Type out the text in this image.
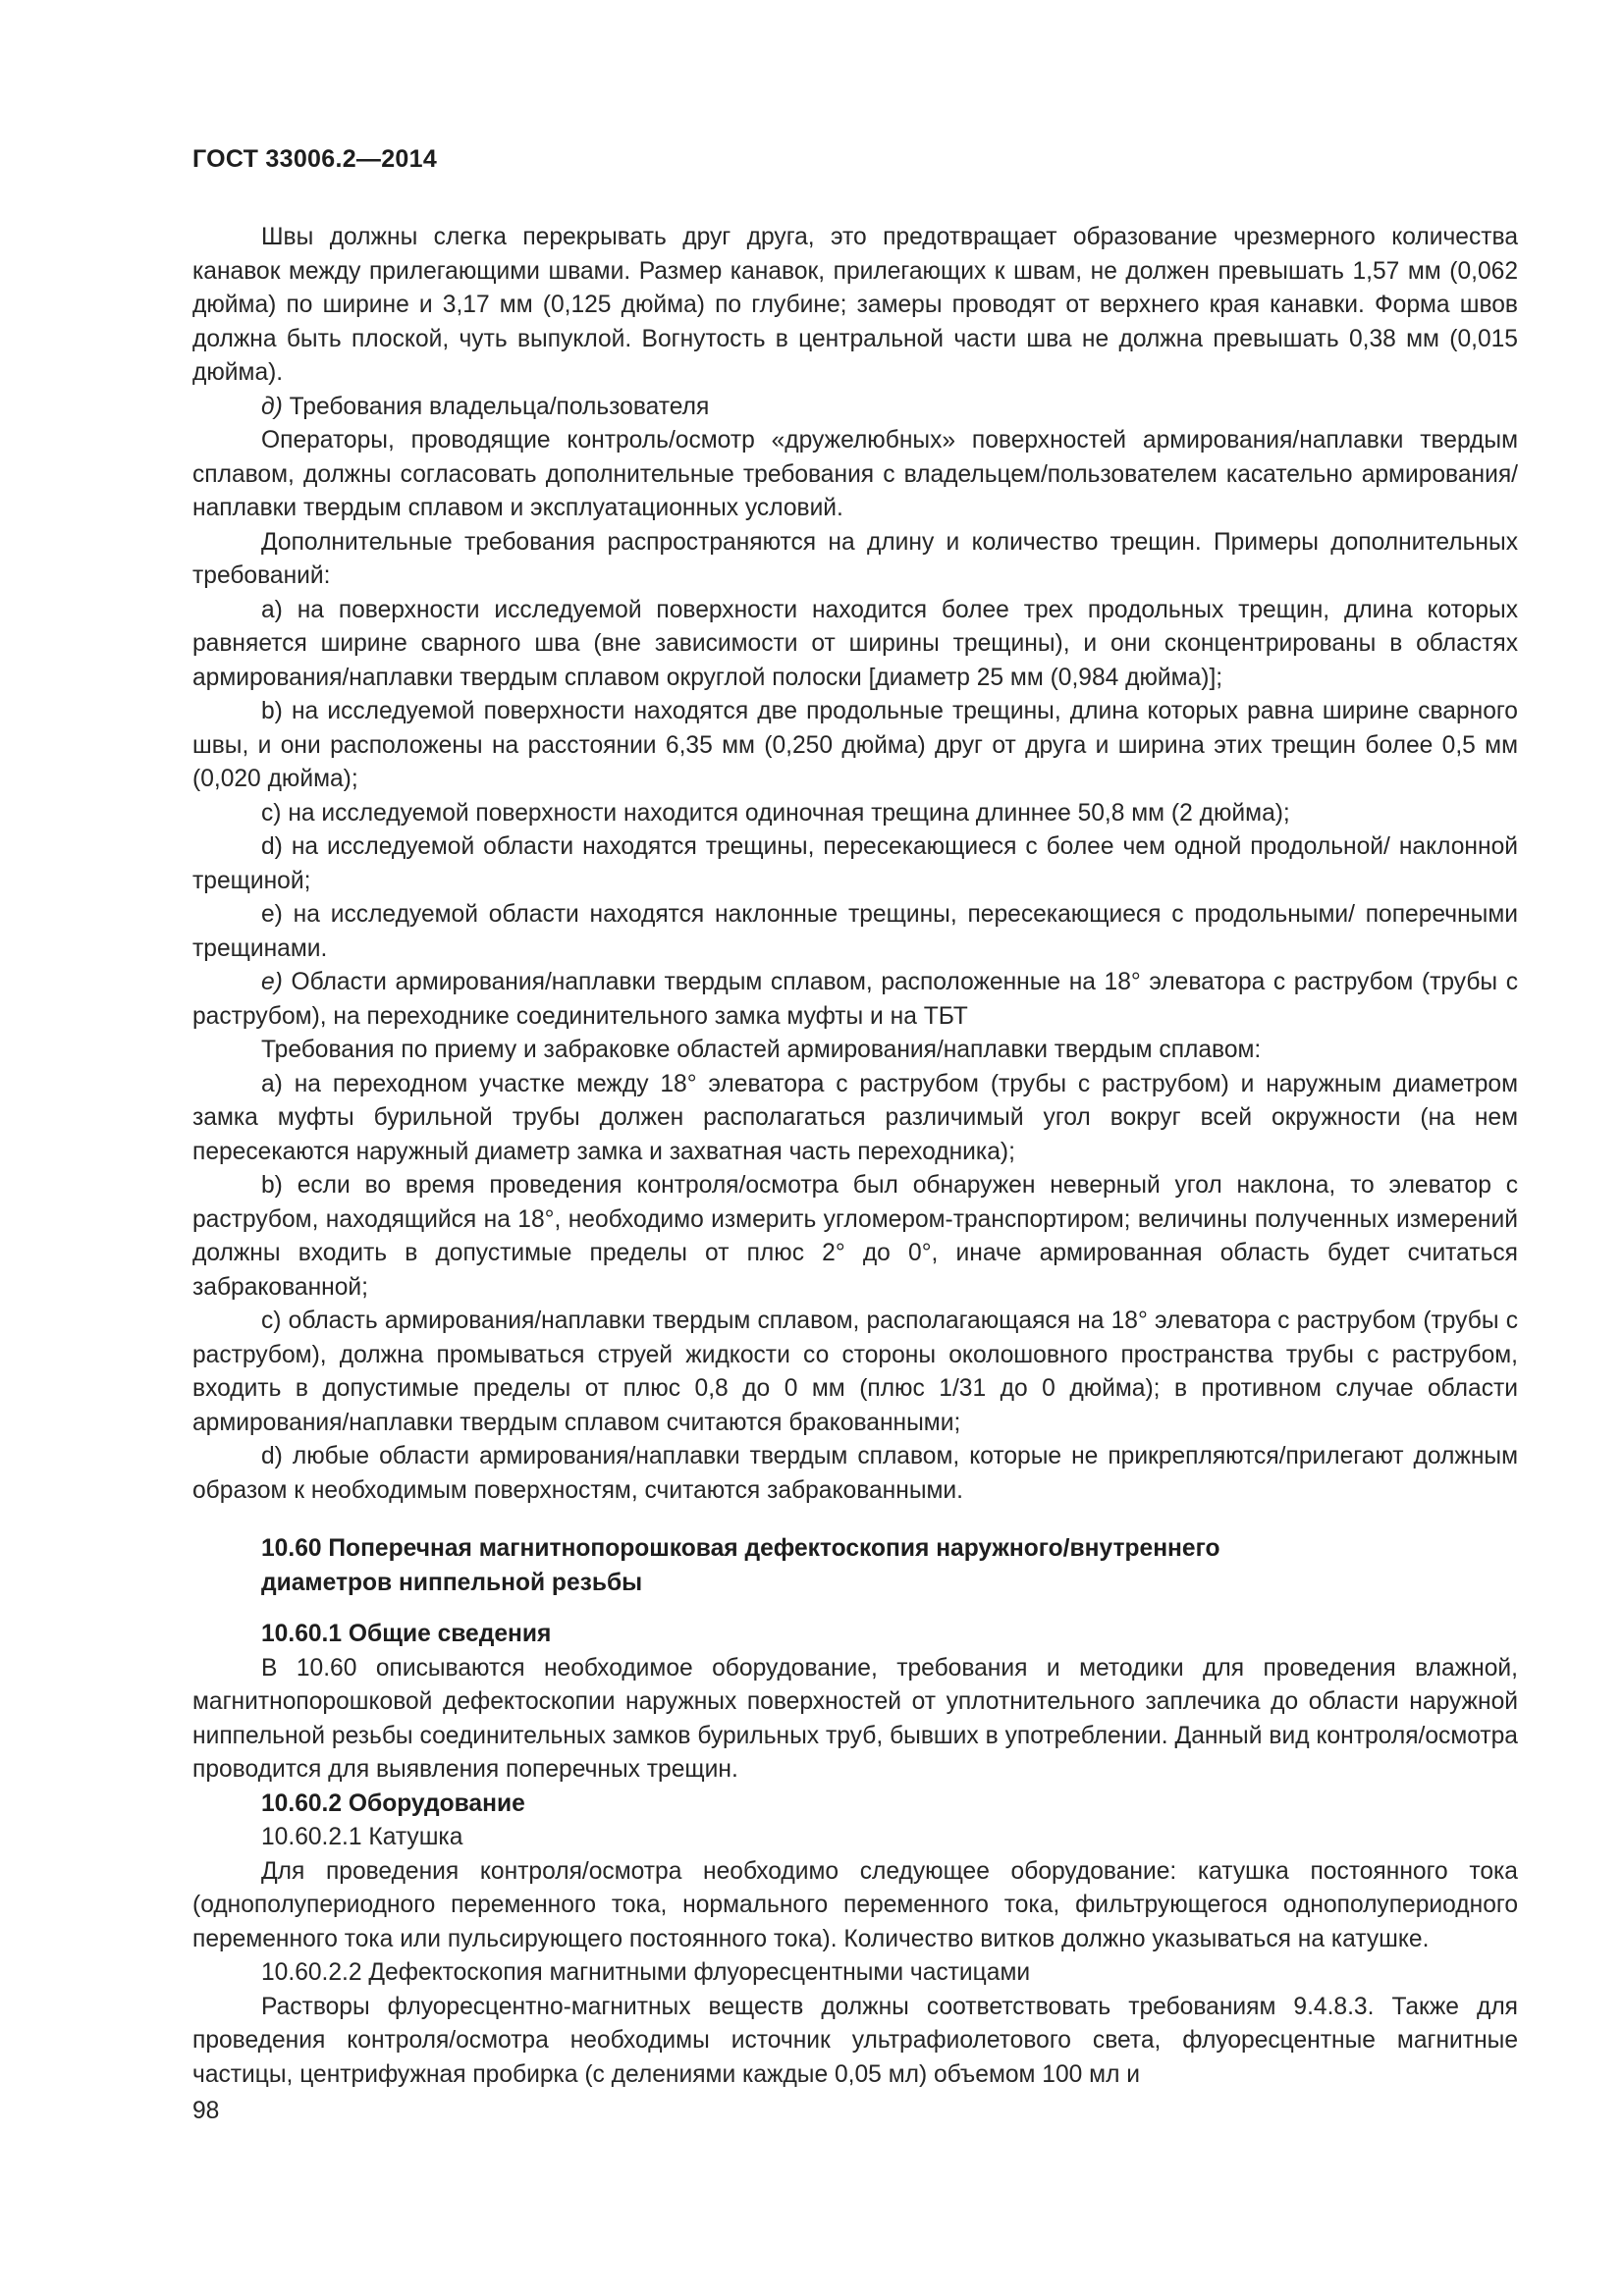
ГОСТ 33006.2—2014

Швы должны слегка перекрывать друг друга, это предотвращает образование чрезмерного количества канавок между прилегающими швами. Размер канавок, прилегающих к швам, не должен превышать 1,57 мм (0,062 дюйма) по ширине и 3,17 мм (0,125 дюйма) по глубине; замеры проводят от верхнего края канавки. Форма швов должна быть плоской, чуть выпуклой. Вогнутость в центральной части шва не должна превышать 0,38 мм (0,015 дюйма).

д) Требования владельца/пользователя

Операторы, проводящие контроль/осмотр «дружелюбных» поверхностей армирования/наплавки твердым сплавом, должны согласовать дополнительные требования с владельцем/пользователем касательно армирования/наплавки твердым сплавом и эксплуатационных условий.

Дополнительные требования распространяются на длину и количество трещин. Примеры дополнительных требований:

a) на поверхности исследуемой поверхности находится более трех продольных трещин, длина которых равняется ширине сварного шва (вне зависимости от ширины трещины), и они сконцентрированы в областях армирования/наплавки твердым сплавом округлой полоски [диаметр 25 мм (0,984 дюйма)];

b) на исследуемой поверхности находятся две продольные трещины, длина которых равна ширине сварного швы, и они расположены на расстоянии 6,35 мм (0,250 дюйма) друг от друга и ширина этих трещин более 0,5 мм (0,020 дюйма);

c) на исследуемой поверхности находится одиночная трещина длиннее 50,8 мм (2 дюйма);

d) на исследуемой области находятся трещины, пересекающиеся с более чем одной продольной/ наклонной трещиной;

e) на исследуемой области находятся наклонные трещины, пересекающиеся с продольными/ поперечными трещинами.

е) Области армирования/наплавки твердым сплавом, расположенные на 18° элеватора с раструбом (трубы с раструбом), на переходнике соединительного замка муфты и на ТБТ

Требования по приему и забраковке областей армирования/наплавки твердым сплавом:

a) на переходном участке между 18° элеватора с раструбом (трубы с раструбом) и наружным диаметром замка муфты бурильной трубы должен располагаться различимый угол вокруг всей окружности (на нем пересекаются наружный диаметр замка и захватная часть переходника);

b) если во время проведения контроля/осмотра был обнаружен неверный угол наклона, то элеватор с раструбом, находящийся на 18°, необходимо измерить угломером-транспортиром; величины полученных измерений должны входить в допустимые пределы от плюс 2° до 0°, иначе армированная область будет считаться забракованной;

c) область армирования/наплавки твердым сплавом, располагающаяся на 18° элеватора с раструбом (трубы с раструбом), должна промываться струей жидкости со стороны околошовного пространства трубы с раструбом, входить в допустимые пределы от плюс 0,8 до 0 мм (плюс 1/31 до 0 дюйма); в противном случае области армирования/наплавки твердым сплавом считаются бракованными;

d) любые области армирования/наплавки твердым сплавом, которые не прикрепляются/прилегают должным образом к необходимым поверхностям, считаются забракованными.

10.60 Поперечная магнитнопорошковая дефектоскопия наружного/внутреннего

диаметров ниппельной резьбы

10.60.1 Общие сведения

В 10.60 описываются необходимое оборудование, требования и методики для проведения влажной, магнитнопорошковой дефектоскопии наружных поверхностей от уплотнительного заплечика до области наружной ниппельной резьбы соединительных замков бурильных труб, бывших в употреблении. Данный вид контроля/осмотра проводится для выявления поперечных трещин.

10.60.2 Оборудование

10.60.2.1 Катушка

Для проведения контроля/осмотра необходимо следующее оборудование: катушка постоянного тока (однополупериодного переменного тока, нормального переменного тока, фильтрующегося однополупериодного переменного тока или пульсирующего постоянного тока). Количество витков должно указываться на катушке.

10.60.2.2 Дефектоскопия магнитными флуоресцентными частицами

Растворы флуоресцентно-магнитных веществ должны соответствовать требованиям 9.4.8.3. Также для проведения контроля/осмотра необходимы источник ультрафиолетового света, флуоресцентные магнитные частицы, центрифужная пробирка (с делениями каждые 0,05 мл) объемом 100 мл и

98
